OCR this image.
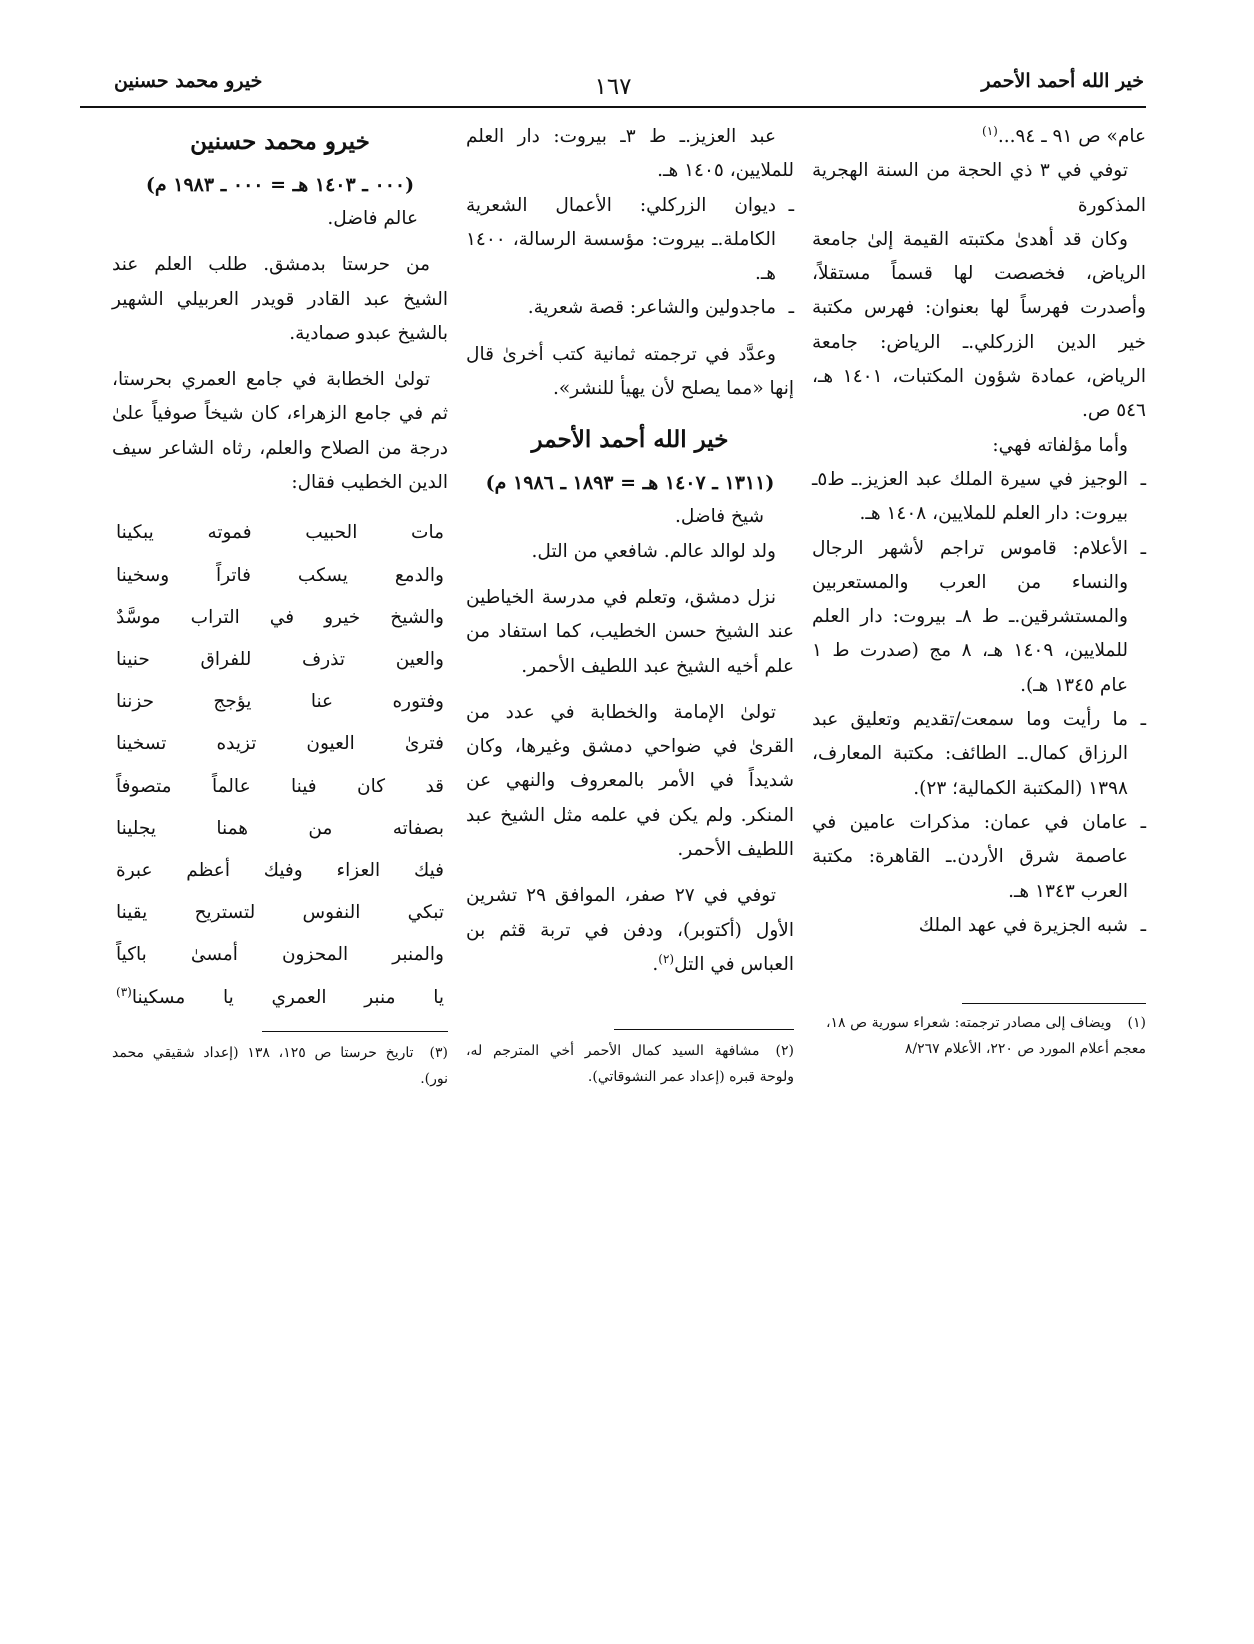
خيرو محمد حسنين	١٦٧	خير الله أحمد الأحمر

عام» ص ٩١ ـ ٩٤...$^{(١)}$

توفي في ٣ ذي الحجة من السنة الهجرية المذكورة

وكان قد أهدىٰ مكتبته القيمة إلىٰ جامعة الرياض، فخصصت لها قسماً مستقلاً، وأصدرت فهرساً لها بعنوان: فهرس مكتبة خير الدين الزركلي.ـ الرياض: جامعة الرياض، عمادة شؤون المكتبات، ١٤٠١ هـ، ٥٤٦ ص.

وأما مؤلفاته فهي:

ـ
الوجيز في سيرة الملك عبد العزيز.ـ ط٥ـ بيروت: دار العلم للملايين، ١٤٠٨ هـ.
ـ
الأعلام: قاموس تراجم لأشهر الرجال والنساء من العرب والمستعربين والمستشرقين.ـ ط ٨ـ بيروت: دار العلم للملايين، ١٤٠٩ هـ، ٨ مج (صدرت ط ١ عام ١٣٤٥ هـ).
ـ
ما رأيت وما سمعت/تقديم وتعليق عبد الرزاق كمال.ـ الطائف: مكتبة المعارف، ١٣٩٨ (المكتبة الكمالية؛ ٢٣).
ـ
عامان في عمان: مذكرات عامين في عاصمة شرق الأردن.ـ القاهرة: مكتبة العرب ١٣٤٣ هـ.
ـ
شبه الجزيرة في عهد الملك
(١)ويضاف إلى مصادر ترجمته: شعراء سورية ص ١٨، معجم أعلام المورد ص ٢٢٠، الأعلام ٨/٢٦٧

عبد العزيز.ـ ط ٣ـ بيروت: دار العلم للملايين، ١٤٠٥ هـ.

ـ
ديوان الزركلي: الأعمال الشعرية الكاملة.ـ بيروت: مؤسسة الرسالة، ١٤٠٠ هـ.
ـ
ماجدولين والشاعر: قصة شعرية.

وعدَّد في ترجمته ثمانية كتب أخرىٰ قال إنها «مما يصلح لأن يهيأ للنشر».

خير الله أحمد الأحمر
(١٣١١ ـ ١٤٠٧ هـ = ١٨٩٣ ـ ١٩٨٦ م)

شيخ فاضل.

ولد لوالد عالم. شافعي من التل.

نزل دمشق، وتعلم في مدرسة الخياطين عند الشيخ حسن الخطيب، كما استفاد من علم أخيه الشيخ عبد اللطيف الأحمر.

تولىٰ الإمامة والخطابة في عدد من القرىٰ في ضواحي دمشق وغيرها، وكان شديداً في الأمر بالمعروف والنهي عن المنكر. ولم يكن في علمه مثل الشيخ عبد اللطيف الأحمر.

توفي في ٢٧ صفر، الموافق ٢٩ تشرين الأول (أكتوبر)، ودفن في تربة قثم بن العباس في التل$^{(٢)}$.

(٢)مشافهة السيد كمال الأحمر أخي المترجم له، ولوحة قبره (إعداد عمر النشوقاتي).
خيرو محمد حسنين
(٠٠٠ ـ ١٤٠٣ هـ = ٠٠٠ ـ ١٩٨٣ م)

عالم فاضل.

من حرستا بدمشق. طلب العلم عند الشيخ عبد القادر قويدر العربيلي الشهير بالشيخ عبدو صمادية.

تولىٰ الخطابة في جامع العمري بحرستا، ثم في جامع الزهراء، كان شيخاً صوفياً علىٰ درجة من الصلاح والعلم، رثاه الشاعر سيف الدين الخطيب فقال:

مات الحبيب فموته يبكينا

والدمع يسكب فاتراً وسخينا

والشيخ خيرو في التراب موسَّدٌ

والعين تذرف للفراق حنينا

وفتوره عنا يؤجج حزننا

فترىٰ العيون تزيده تسخينا

قد كان فينا عالماً متصوفاً

بصفاته من همنا يجلينا

فيك العزاء وفيك أعظم عبرة

تبكي النفوس لتستريح يقينا

والمنبر المحزون أمسىٰ باكياً

يا منبر العمري يا مسكينا$^{(٣)}$

(٣)تاريخ حرستا ص ١٢٥، ١٣٨ (إعداد شقيقي محمد نور).
